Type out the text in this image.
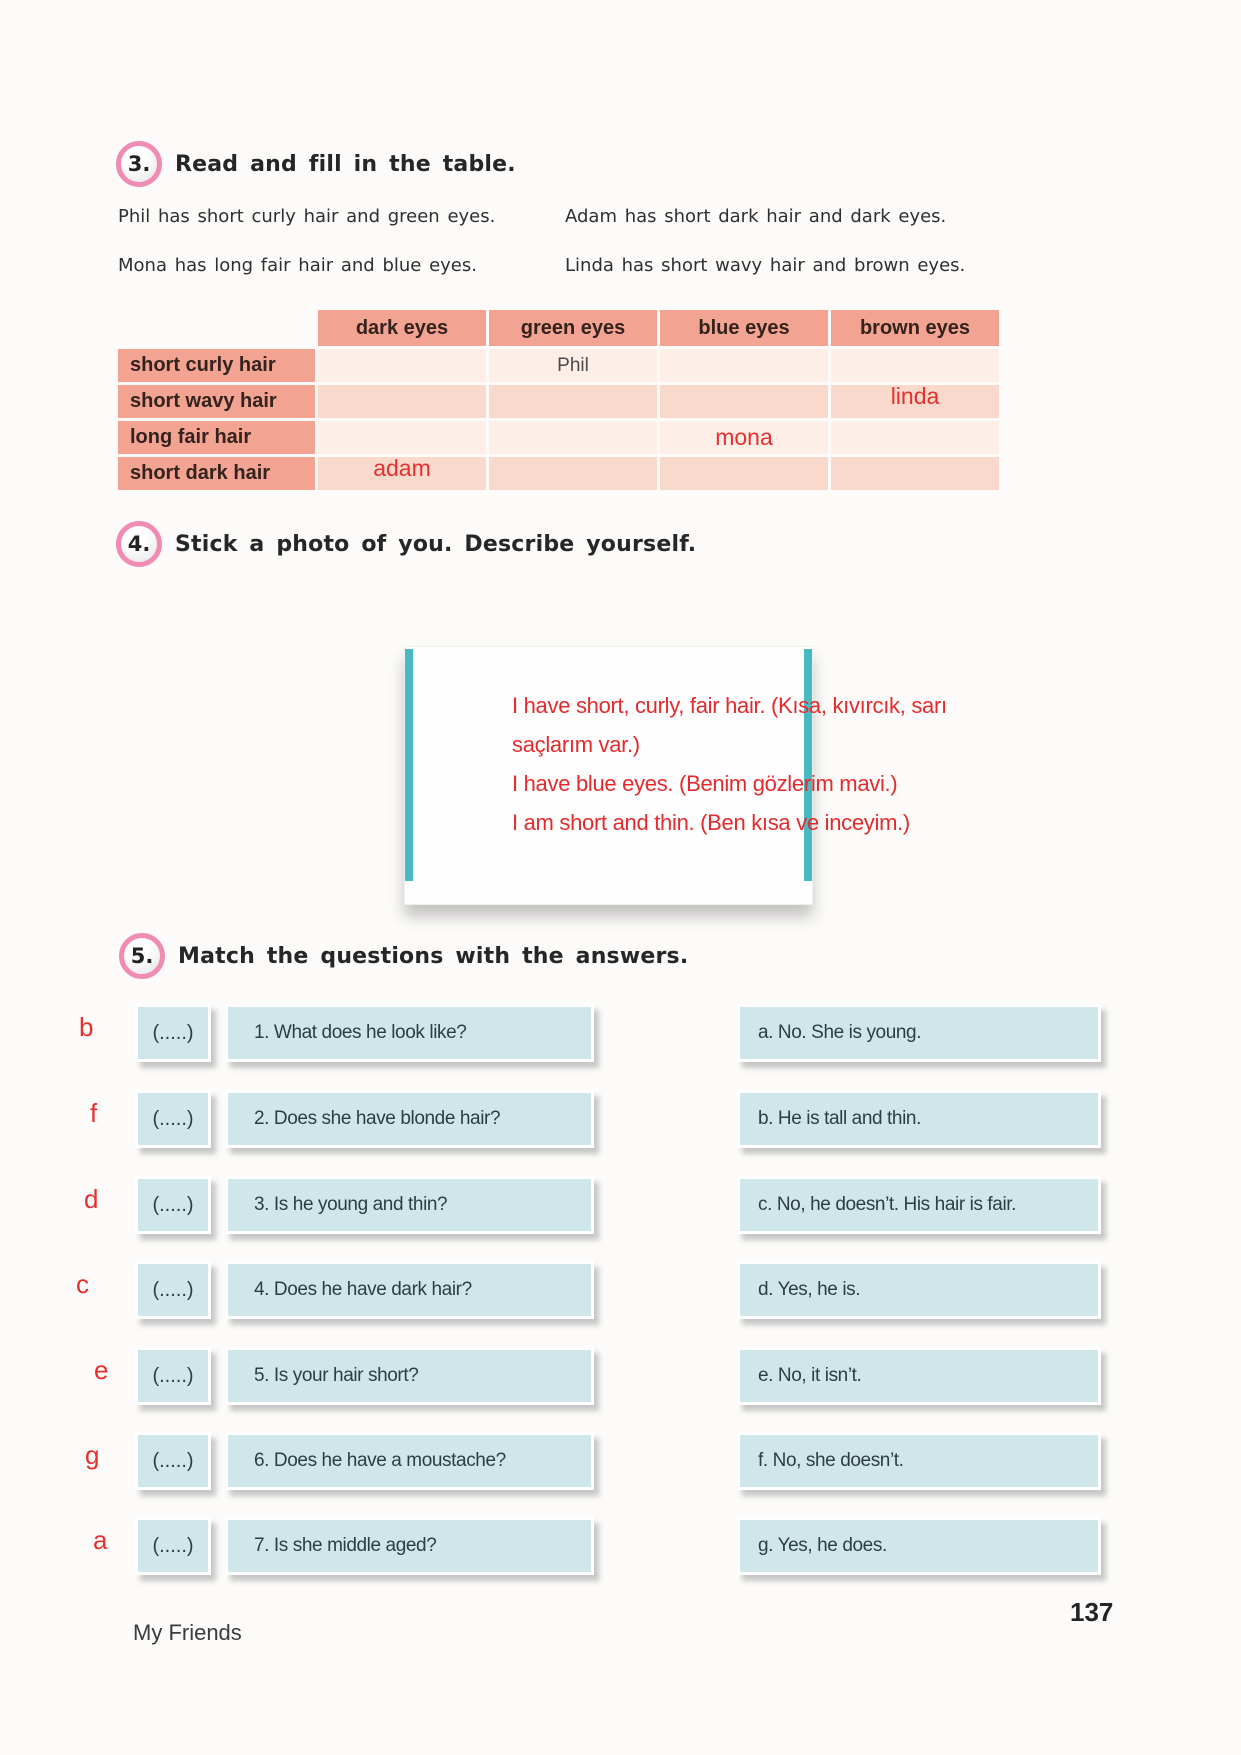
3. Read and fill in the table.
Phil has short curly hair and green eyes.	Adam has short dark hair and dark eyes.
Mona has long fair hair and blue eyes.	Linda has short wavy hair and brown eyes.
	dark eyes	green eyes	blue eyes	brown eyes
short curly hair		Phil		
short wavy hair				linda
long fair hair			mona	
short dark hair	adam			
4. Stick a photo of you. Describe yourself.
I have short, curly, fair hair. (Kısa, kıvırcık, sarı
saçlarım var.)
I have blue eyes. (Benim gözlerim mavi.)
I am short and thin. (Ben kısa ve inceyim.)
5. Match the questions with the answers.
b	(.....)	1. What does he look like?	a. No. She is young.
f	(.....)	2. Does she have blonde hair?	b. He is tall and thin.
d	(.....)	3. Is he young and thin?	c. No, he doesn’t. His hair is fair.
c	(.....)	4. Does he have dark hair?	d. Yes, he is.
e	(.....)	5. Is your hair short?	e. No, it isn’t.
g	(.....)	6. Does he have a moustache?	f. No, she doesn’t.
a	(.....)	7. Is she middle aged?	g. Yes, he does.
My Friends
137
